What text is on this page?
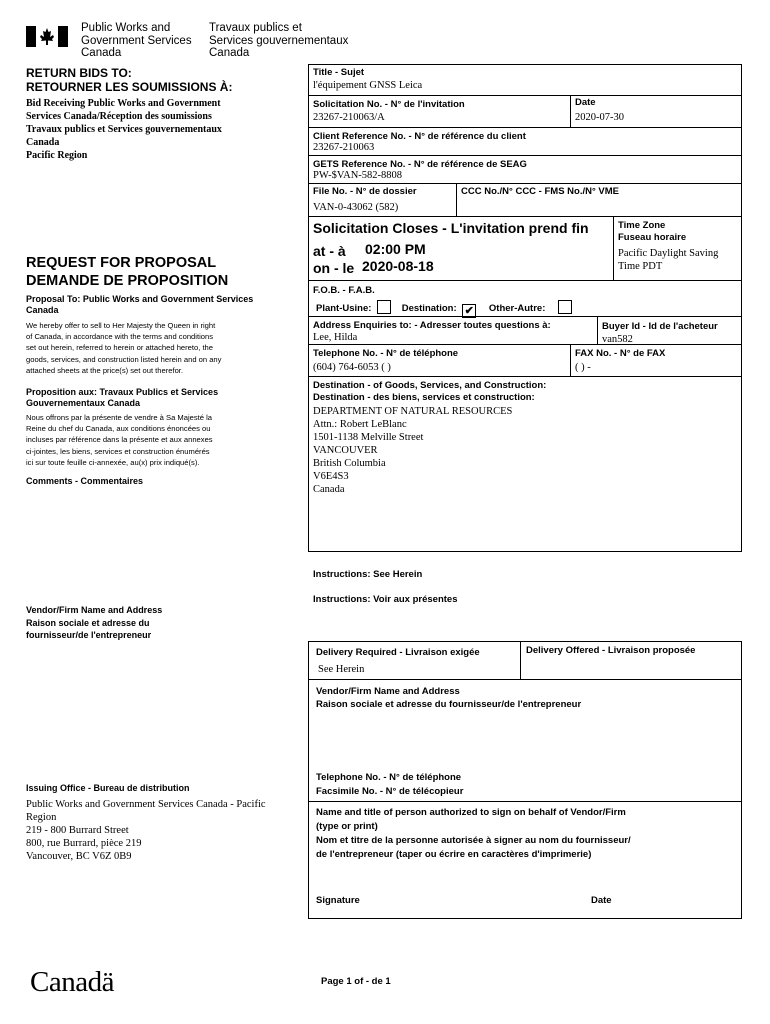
Public Works and
Government Services
Canada
Travaux publics et
Services gouvernementaux
Canada
RETURN BIDS TO:
RETOURNER LES SOUMISSIONS À:
Bid Receiving Public Works and Government
Services Canada/Réception des soumissions
Travaux publics et Services gouvernementaux
Canada
Pacific Region
REQUEST FOR PROPOSAL
DEMANDE DE PROPOSITION
Proposal To: Public Works and Government Services Canada
We hereby offer to sell to Her Majesty the Queen in right
of Canada, in accordance with the terms and conditions
set out herein, referred to herein or attached hereto, the
goods, services, and construction listed herein and on any
attached sheets at the price(s) set out therefor.
Proposition aux: Travaux Publics et Services Gouvernementaux Canada
Nous offrons par la présente de vendre à Sa Majesté la
Reine du chef du Canada, aux conditions énoncées ou
incluses par référence dans la présente et aux annexes
ci-jointes, les biens, services et construction énumérés
ici sur toute feuille ci-annexée, au(x) prix indiqué(s).
Comments - Commentaires
Vendor/Firm Name and Address
Raison sociale et adresse du
fournisseur/de l'entrepreneur
Issuing Office - Bureau de distribution
Public Works and Government Services Canada - Pacific
Region
219 - 800 Burrard Street
800, rue Burrard, pièce 219
Vancouver, BC V6Z 0B9
Title - Sujet
l'équipement GNSS Leica
Solicitation No. - N° de l'invitation
23267-210063/A
Date
2020-07-30
Client Reference No. - N° de référence du client
23267-210063
GETS Reference No. - N° de référence de SEAG
PW-$VAN-582-8808
File No. - N° de dossier
VAN-0-43062 (582)
CCC No./N° CCC - FMS No./N° VME
Solicitation Closes - L'invitation prend fin
at - à 02:00 PM
on - le 2020-08-18
Time Zone
Fuseau horaire
Pacific Daylight Saving
Time PDT
F.O.B. - F.A.B.
Plant-Usine:	Destination: ✔ Other-Autre:
Address Enquiries to: - Adresser toutes questions à:
Lee, Hilda
Buyer Id - Id de l'acheteur
van582
Telephone No. - N° de téléphone
(604) 764-6053 ( )
FAX No. - N° de FAX
( ) -
Destination - of Goods, Services, and Construction:
Destination - des biens, services et construction:
DEPARTMENT OF NATURAL RESOURCES
Attn.: Robert LeBlanc
1501-1138 Melville Street
VANCOUVER
British Columbia
V6E4S3
Canada
Instructions: See Herein
Instructions: Voir aux présentes
Delivery Required - Livraison exigée
See Herein
Delivery Offered - Livraison proposée
Vendor/Firm Name and Address
Raison sociale et adresse du fournisseur/de l'entrepreneur
Telephone No. - N° de téléphone
Facsimile No. - N° de télécopieur
Name and title of person authorized to sign on behalf of Vendor/Firm
(type or print)
Nom et titre de la personne autorisée à signer au nom du fournisseur/
de l'entrepreneur (taper ou écrire en caractères d'imprimerie)
Signature	Date
Canadä	Page 1 of - de 1
